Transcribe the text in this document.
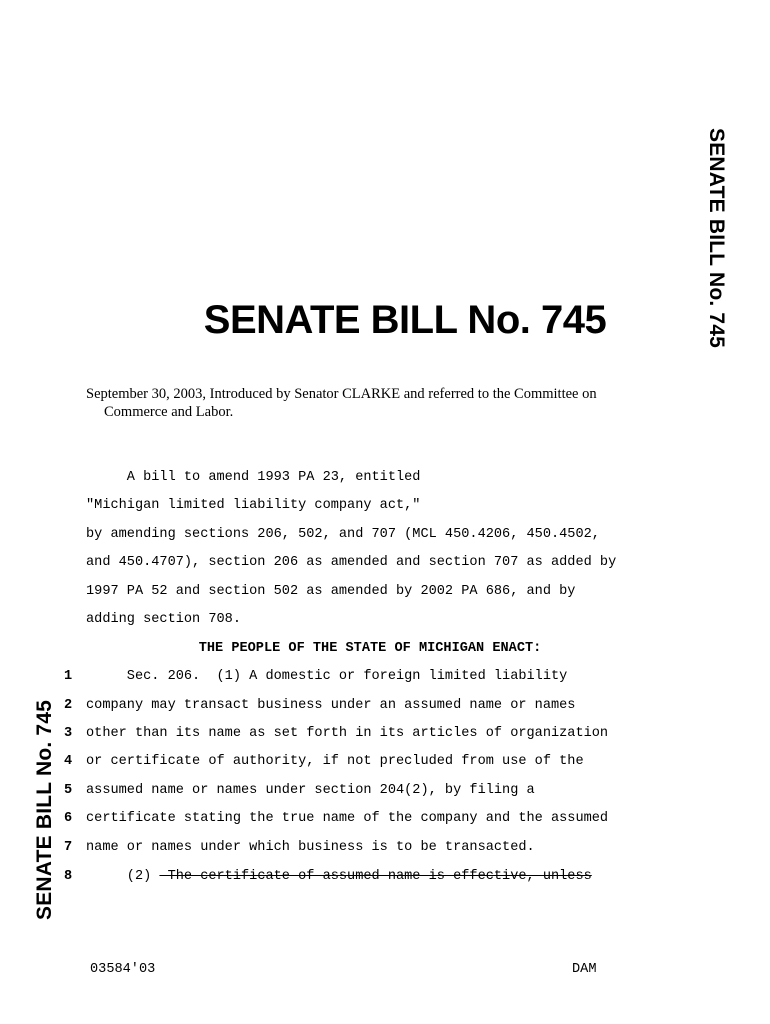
SENATE BILL No. 745
SENATE BILL No. 745
SENATE BILL No. 745
September 30, 2003, Introduced by Senator CLARKE and referred to the Committee on
Commerce and Labor.
A bill to amend 1993 PA 23, entitled
"Michigan limited liability company act,"
by amending sections 206, 502, and 707 (MCL 450.4206, 450.4502,
and 450.4707), section 206 as amended and section 707 as added by
1997 PA 52 and section 502 as amended by 2002 PA 686, and by
adding section 708.
THE PEOPLE OF THE STATE OF MICHIGAN ENACT:
1 Sec. 206.  (1) A domestic or foreign limited liability
2 company may transact business under an assumed name or names
3 other than its name as set forth in its articles of organization
4 or certificate of authority, if not precluded from use of the
5 assumed name or names under section 204(2), by filing a
6 certificate stating the true name of the company and the assumed
7 name or names under which business is to be transacted.
8 (2)  The certificate of assumed name is effective, unless
03584'03	DAM
